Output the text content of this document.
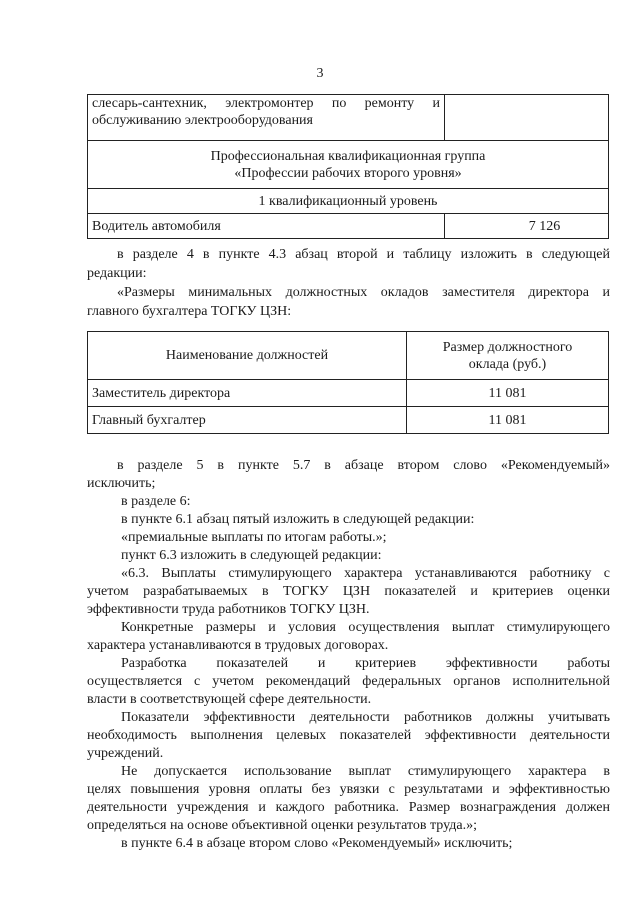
3
слесарь-сантехник, электромонтер по ремонту и обслуживанию электрооборудования	

Профессиональная квалификационная группа
«Профессии рабочих второго уровня»	

1 квалификационный уровень	
Водитель автомобиля	7 126
в разделе 4 в пункте 4.3 абзац второй и таблицу изложить в следующей
редакции:
«Размеры минимальных должностных окладов заместителя директора и
главного бухгалтера ТОГКУ ЦЗН:
Наименование должностей	Размер должностного оклада (руб.)
Заместитель директора	11 081
Главный бухгалтер	11 081
в разделе 5 в пункте 5.7 в абзаце втором слово «Рекомендуемый»
исключить;
в разделе 6:
в пункте 6.1 абзац пятый изложить в следующей редакции:
«премиальные выплаты по итогам работы.»;
пункт 6.3 изложить в следующей редакции:
«6.3. Выплаты стимулирующего характера устанавливаются работнику с
учетом разрабатываемых в ТОГКУ ЦЗН показателей и критериев оценки
эффективности труда работников ТОГКУ ЦЗН.
Конкретные размеры и условия осуществления выплат стимулирующего
характера устанавливаются в трудовых договорах.
Разработка показателей и критериев эффективности работы
осуществляется с учетом рекомендаций федеральных органов исполнительной
власти в соответствующей сфере деятельности.
Показатели эффективности деятельности работников должны учитывать
необходимость выполнения целевых показателей эффективности деятельности
учреждений.
Не допускается использование выплат стимулирующего характера в
целях повышения уровня оплаты без увязки с результатами и эффективностью
деятельности учреждения и каждого работника. Размер вознаграждения должен
определяться на основе объективной оценки результатов труда.»;
в пункте 6.4 в абзаце втором слово «Рекомендуемый» исключить;
